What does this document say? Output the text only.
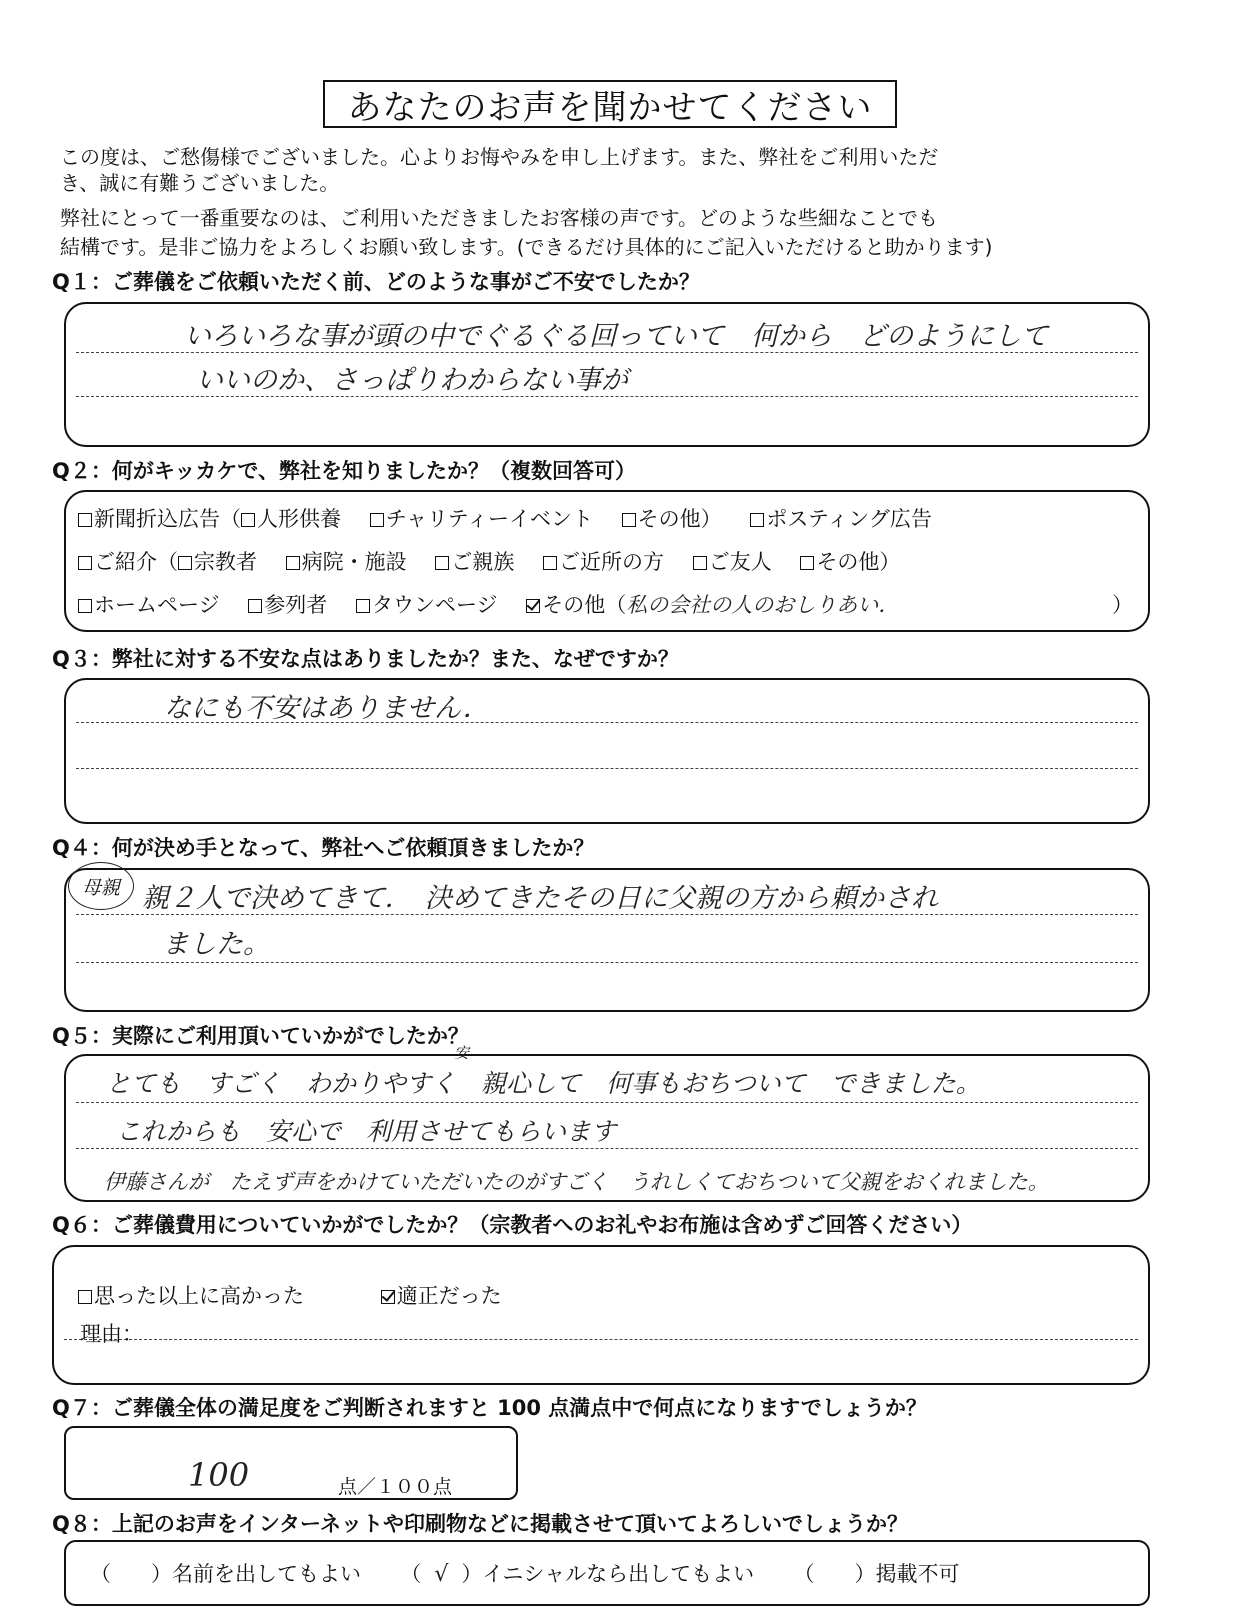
あなたのお声を聞かせてください
この度は、ご愁傷様でございました。心よりお悔やみを申し上げます。また、弊社をご利用いただ
き、誠に有難うございました。
弊社にとって一番重要なのは、ご利用いただきましたお客様の声です。どのような些細なことでも
結構です。是非ご協力をよろしくお願い致します。(できるだけ具体的にご記入いただけると助かります)
Q１：ご葬儀をご依頼いただく前、どのような事がご不安でしたか？
いろいろな事が頭の中でぐるぐる回っていて　何から　どのようにして
いいのか、さっぱりわからない事が
Q２：何がキッカケで、弊社を知りましたか？（複数回答可）
新聞折込広告（ 人形供養 チャリティーイベント その他） ポスティング広告
ご紹介（ 宗教者 病院・施設 ご親族 ご近所の方 ご友人 その他）
ホームページ 参列者 タウンページ その他（私の会社の人のおしりあい．	）
Q３：弊社に対する不安な点はありましたか？また、なぜですか？
なにも不安はありません．
Q４：何が決め手となって、弊社へご依頼頂きましたか？
母親 親２人で決めてきて．　決めてきたその日に父親の方から頼かされ
ました。
Q５：実際にご利用頂いていかがでしたか？
とても　すごく　わかりやすく　親心して　何事もおちついて　できました。
安
これからも　安心で　利用させてもらいます
伊藤さんが　たえず声をかけていただいたのがすごく　うれしくておちついて父親をおくれました。
Q６：ご葬儀費用についていかがでしたか？（宗教者へのお礼やお布施は含めずご回答ください）
思った以上に高かった	適正だった
理由：
Q７：ご葬儀全体の満足度をご判断されますと 100 点満点中で何点になりますでしょうか？
100	点／１００点
Q８：上記のお声をインターネットや印刷物などに掲載させて頂いてよろしいでしょうか？
（ ）名前を出してもよい （ √ ）イニシャルなら出してもよい （ ）掲載不可
